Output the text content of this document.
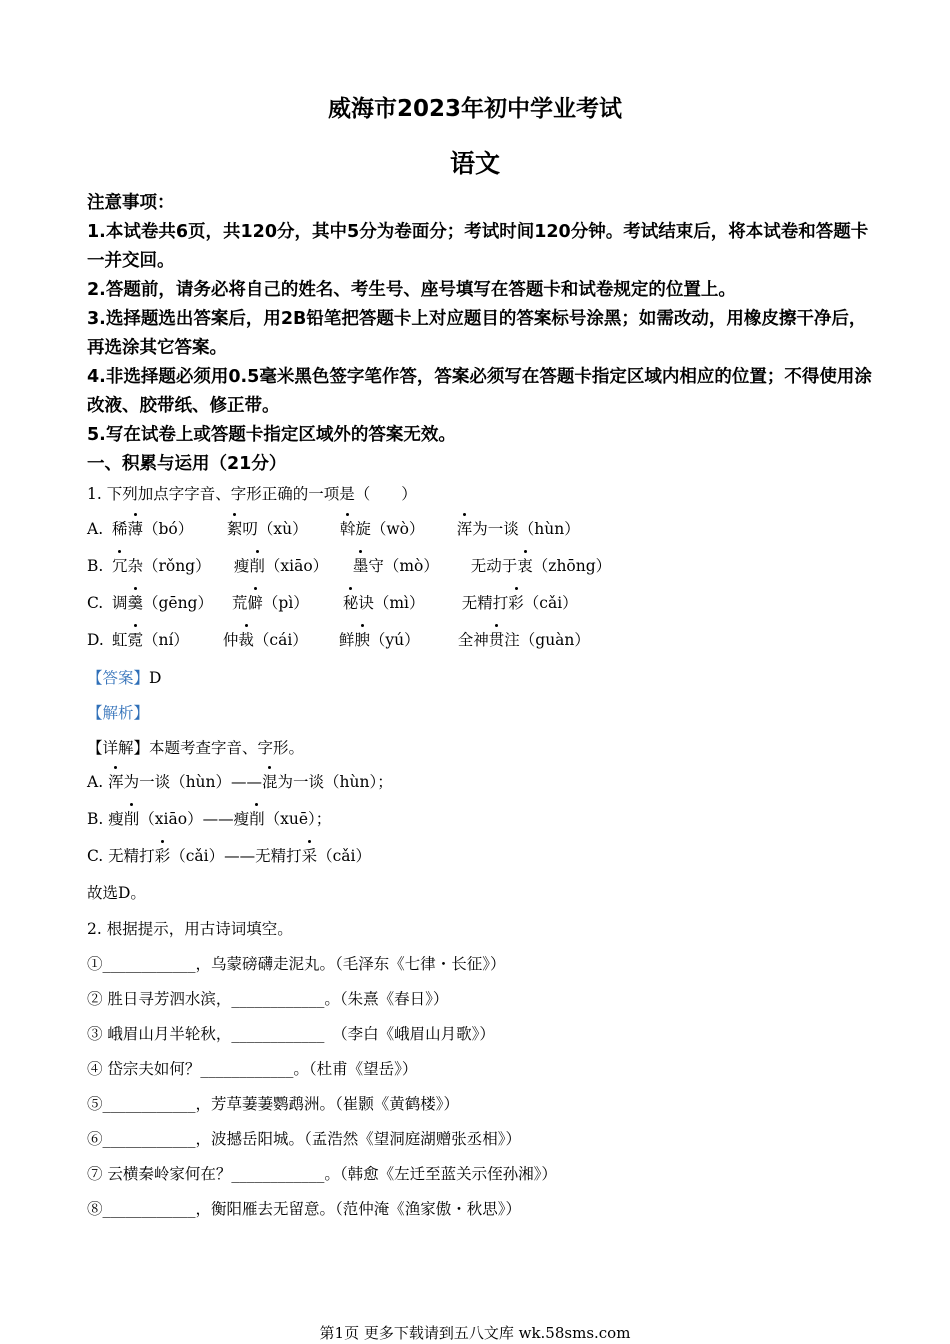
威海市2023年初中学业考试
语文
注意事项：
1.本试卷共6页，共120分，其中5分为卷面分；考试时间120分钟。考试结束后，将本试卷和答题卡一并交回。
2.答题前，请务必将自己的姓名、考生号、座号填写在答题卡和试卷规定的位置上。
3.选择题选出答案后，用2B铅笔把答题卡上对应题目的答案标号涂黑；如需改动，用橡皮擦干净后，再选涂其它答案。
4.非选择题必须用0.5毫米黑色签字笔作答，答案必须写在答题卡指定区域内相应的位置；不得使用涂改液、胶带纸、修正带。
5.写在试卷上或答题卡指定区域外的答案无效。
一、积累与运用（21分）
1. 下列加点字字音、字形正确的一项是（　　）
A. 稀薄（bó） 絮叨（xù） 斡旋（wò） 浑为一谈（hùn）
B. 冗杂（rǒng） 瘦削（xiāo） 墨守（mò） 无动于衷（zhōng）
C. 调羹（gēng） 荒僻（pì） 秘诀（mì） 无精打彩（cǎi）
D. 虹霓（ní） 仲裁（cái） 鲜腴（yú） 全神贯注（guàn）
【答案】D
【解析】
【详解】本题考查字音、字形。
A. 浑为一谈（hùn）——混为一谈（hùn）；
B. 瘦削（xiāo）——瘦削（xuē）；
C. 无精打彩（cǎi）——无精打采（cǎi）
故选D。
2. 根据提示，用古诗词填空。
①____________，乌蒙磅礴走泥丸。（毛泽东《七律・长征》）
② 胜日寻芳泗水滨，____________。（朱熹《春日》）
③ 峨眉山月半轮秋，____________　（李白《峨眉山月歌》）
④ 岱宗夫如何？____________。（杜甫《望岳》）
⑤____________，芳草萋萋鹦鹉洲。（崔颢《黄鹤楼》）
⑥____________，波撼岳阳城。（孟浩然《望洞庭湖赠张丞相》）
⑦ 云横秦岭家何在？____________。（韩愈《左迁至蓝关示侄孙湘》）
⑧____________，衡阳雁去无留意。（范仲淹《渔家傲・秋思》）
第1页 更多下载请到五八文库 wk.58sms.com
